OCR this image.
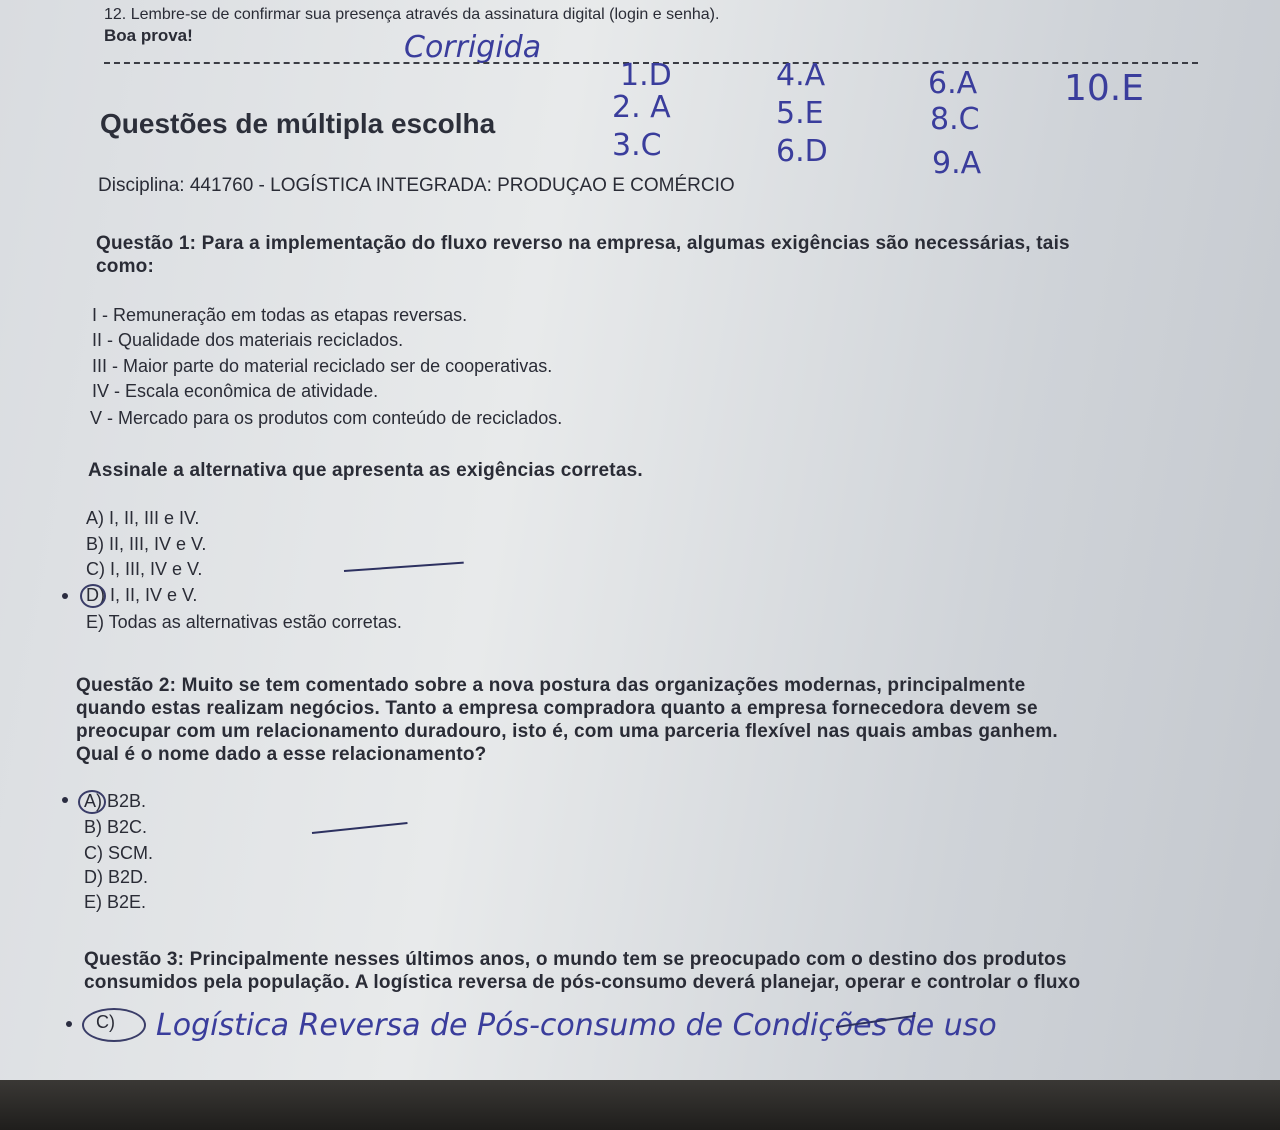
12. Lembre-se de confirmar sua presença através da assinatura digital (login e senha).
Boa prova!	Corrigida
1.D
2. A
3.C
4.A
5.E
6.D
6.A
8.C
9.A
10.E
Questões de múltipla escolha
Disciplina: 441760 - LOGÍSTICA INTEGRADA: PRODUÇAO E COMÉRCIO
Questão 1: Para a implementação do fluxo reverso na empresa, algumas exigências são necessárias, tais
como:
I - Remuneração em todas as etapas reversas.
II - Qualidade dos materiais reciclados.
III - Maior parte do material reciclado ser de cooperativas.
IV - Escala econômica de atividade.
V - Mercado para os produtos com conteúdo de reciclados.
Assinale a alternativa que apresenta as exigências corretas.
A) I, II, III e IV.
B) II, III, IV e V.
C) I, III, IV e V.
D) I, II, IV e V.
E) Todas as alternativas estão corretas.
Questão 2: Muito se tem comentado sobre a nova postura das organizações modernas, principalmente
quando estas realizam negócios. Tanto a empresa compradora quanto a empresa fornecedora devem se
preocupar com um relacionamento duradouro, isto é, com uma parceria flexível nas quais ambas ganhem.
Qual é o nome dado a esse relacionamento?
A) B2B.
B) B2C.
C) SCM.
D) B2D.
E) B2E.
Questão 3: Principalmente nesses últimos anos, o mundo tem se preocupado com o destino dos produtos
consumidos pela população. A logística reversa de pós-consumo deverá planejar, operar e controlar o fluxo
C) Logística Reversa de Pós-consumo de Condições de uso
